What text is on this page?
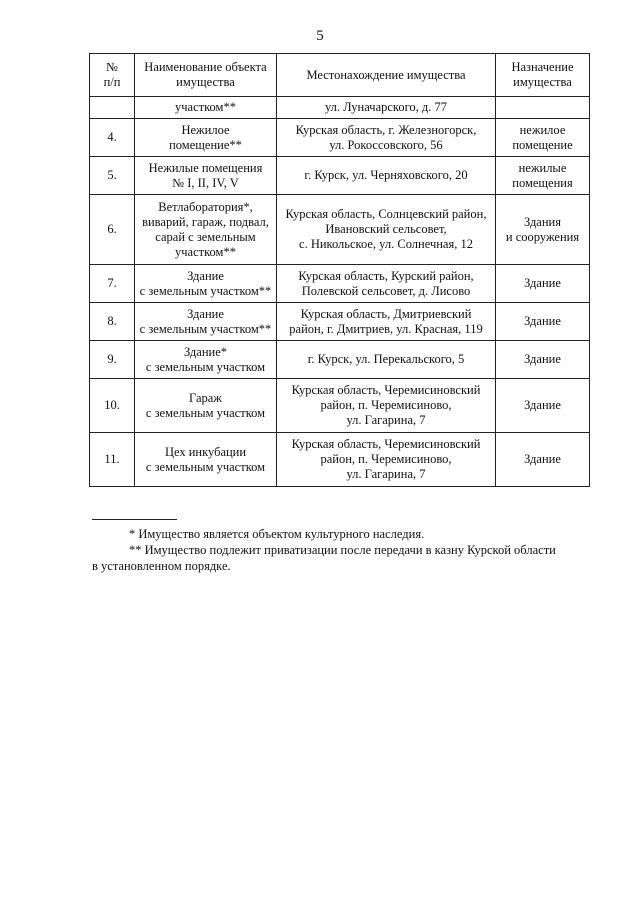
5
№
п/п	Наименование объекта
имущества	Местонахождение имущества	Назначение
имущества

	участком**	ул. Луначарского, д. 77	

4.	Нежилое
помещение**	Курская область, г. Железногорск,
ул. Рокоссовского, 56	нежилое
помещение

5.	Нежилые помещения
№ I, II, IV, V	г. Курск, ул. Черняховского, 20	нежилые
помещения

6.	Ветлаборатория*,
виварий, гараж, подвал,
сарай с земельным
участком**	Курская область, Солнцевский район,
Ивановский сельсовет,
с. Никольское, ул. Солнечная, 12	Здания
и сооружения

7.	Здание
с земельным участком**	Курская область, Курский район,
Полевской сельсовет, д. Лисово	Здание

8.	Здание
с земельным участком**	Курская область, Дмитриевский
район, г. Дмитриев, ул. Красная, 119	Здание

9.	Здание*
с земельным участком	г. Курск, ул. Перекальского, 5	Здание

10.	Гараж
с земельным участком	Курская область, Черемисиновский
район, п. Черемисиново,
ул. Гагарина, 7	Здание

11.	Цех инкубации
с земельным участком	Курская область, Черемисиновский
район, п. Черемисиново,
ул. Гагарина, 7	Здание
* Имущество является объектом культурного наследия.
** Имущество подлежит приватизации после передачи в казну Курской области
в установленном порядке.
